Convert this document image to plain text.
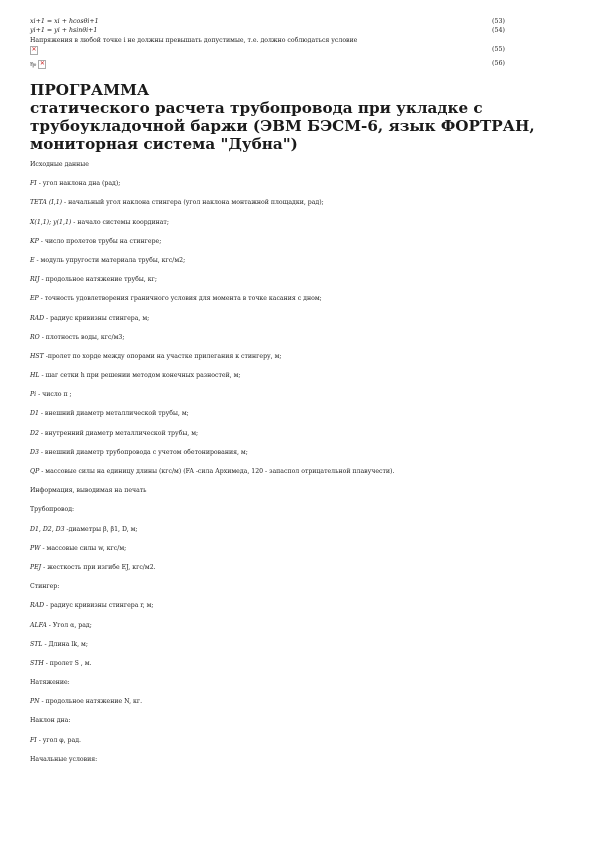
xi+1 = xi + hcosθi+1	(53)
yi+1 = yi + hsinθi+1	(54)
Напряжения в любой точке i не должны превышать допустимые, т.е. должно соблюдаться условие
✕
(55)
η₀ ✕	(56)
ПРОГРАММА
статического расчета трубопровода при укладке с
трубоукладочной баржи (ЭВМ БЭСМ-6, язык ФОРТРАН,
мониторная система "Дубна")
Исходные данные
FI - угол наклона дна (рад);
TETA (I,1) - начальный угол наклона стингера (угол наклона монтажной площадки, рад);
X(1,1); y(1,1) - начало системы координат;
KP - число пролетов трубы на стингере;
E - модуль упругости материала трубы, кгс/м2;
RIJ - продольное натяжение трубы, кг;
EP - точность удовлетворения граничного условия для момента в точке касания с дном;
RAD - радиус кривизны стингера, м;
RO - плотность воды, кгс/м3;
HST -пролет по хорде между опорами на участке прилегания к стингеру, м;
HL - шаг сетки h при решении методом конечных разностей, м;
Pi - число π ;
D1 - внешний диаметр металлической трубы, м;
D2 - внутренний диаметр металлической трубы, м;
D3 - внешний диаметр трубопровода с учетом обетонирования, м;
QP - массовые силы на единицу длины (кгс/м) (FA -сила Архимеда, 120 - запаспол отрицательной плавучести).
Информация, выводимая на печать
Трубопровод:
D1, D2, D3 -диаметры β, β1, D, м;
PW - массовые силы w, кгс/м;
PEJ - жесткость при изгибе EJ, кгс/м2.
Стингер:
RAD - радиус кривизны стингера r, м;
ALFA - Угол α, рад;
STL - Длина lk, м;
STH - пролет S , м.
Натяжение:
PN - продольное натяжение N, кг.
Наклон дна:
FI - угол φ, рад.
Начальные условия:
